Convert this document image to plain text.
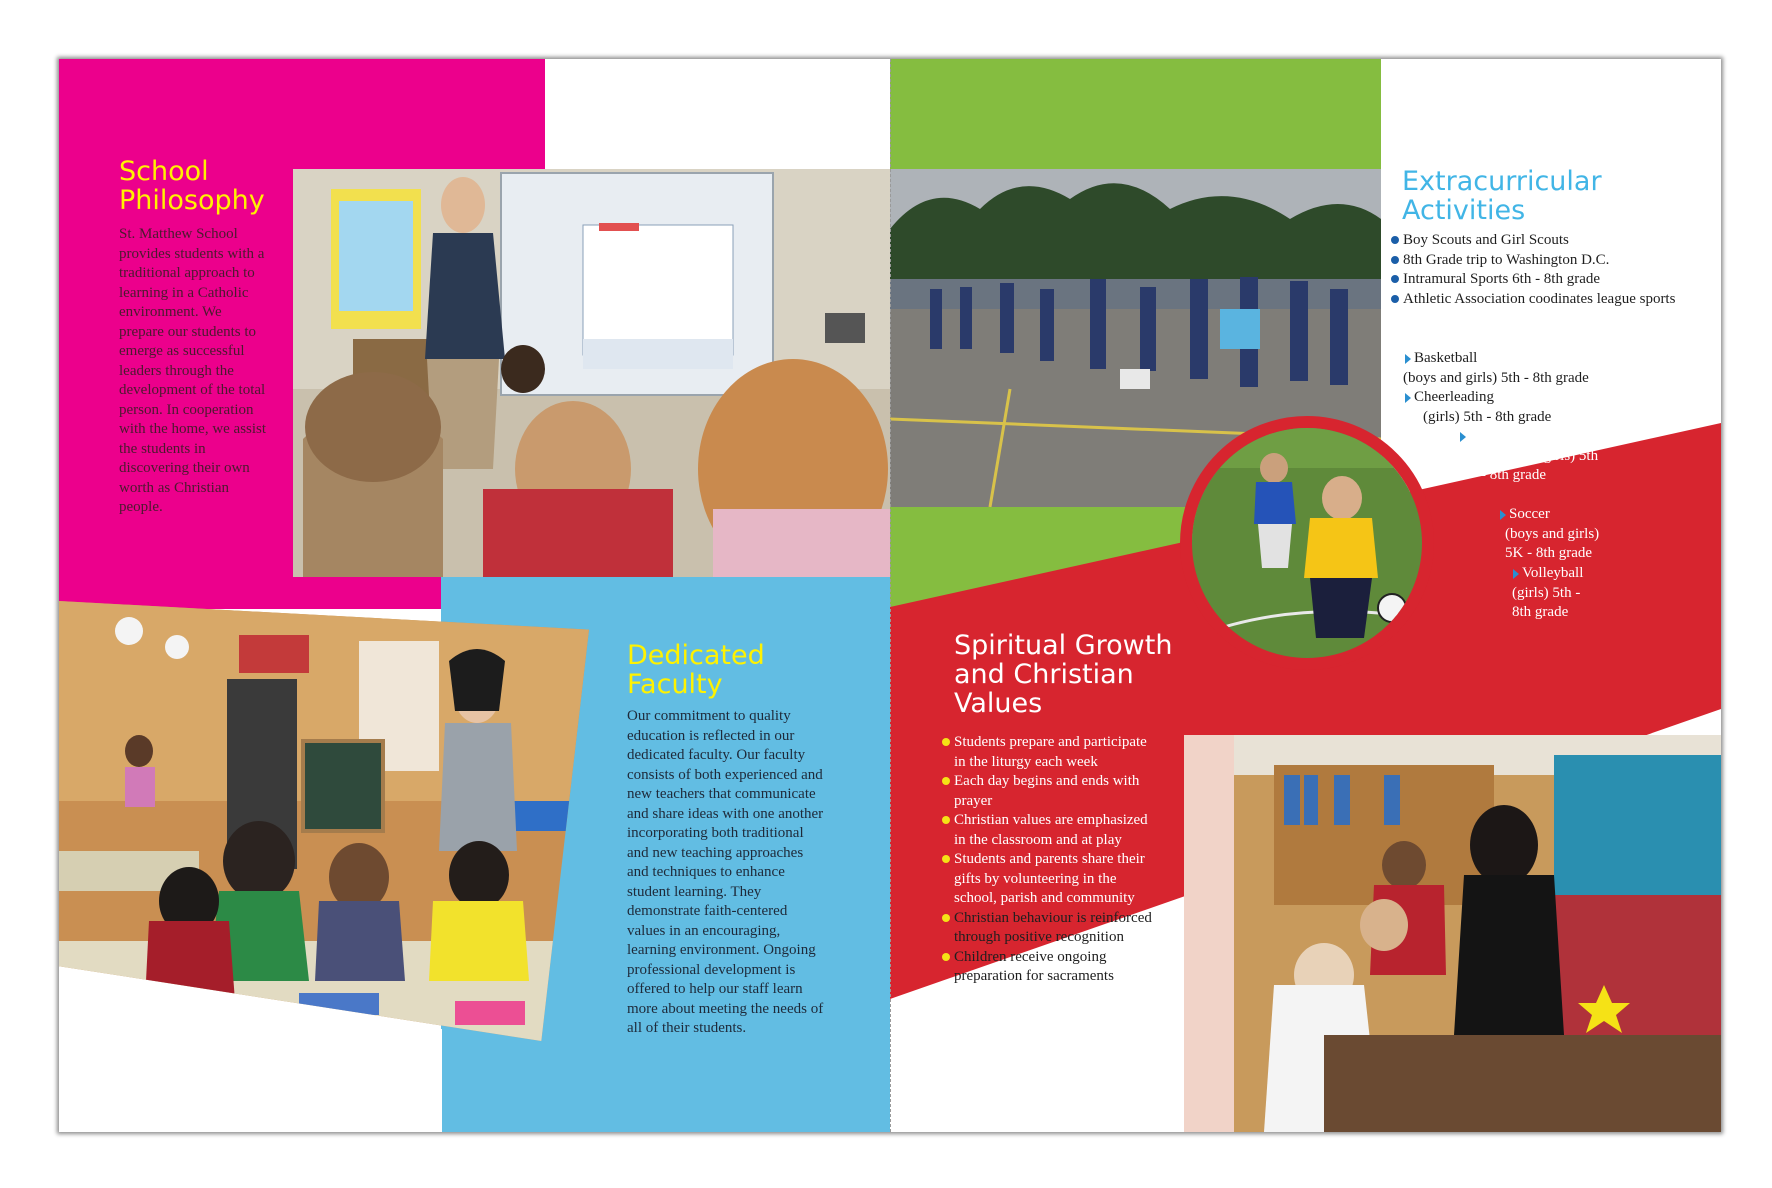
School Philosophy

St. Matthew School provides students with a traditional approach to learning in a Catholic environment. We prepare our students to emerge as successful leaders through the development of the total person. In cooperation with the home, we assist the students in discovering their own worth as Christian people.

Dedicated Faculty

Our commitment to quality education is reflected in our dedicated faculty. Our faculty consists of both experienced and new teachers that communicate and share ideas with one another incorporating both traditional and new teaching approaches and techniques to enhance student learning. They demonstrate faith-centered values in an encouraging, learning environment. Ongoing professional development is offered to help our staff learn more about meeting the needs of all of their students.

Extracurricular Activities
Boy Scouts and Girl Scouts
8th Grade trip to Washington D.C.
Intramural Sports 6th - 8th grade
Athletic Association coodinates league sports
Basketball
(boys and girls) 5th - 8th grade
Cheerleading
(girls) 5th - 8th grade
Cross country
(boys and girls) 5th - 8th grade
Soccer
(boys and girls) 5K - 8th grade
Volleyball
(girls) 5th - 8th grade
Spiritual Growth and Christian Values
Students prepare and participate in the liturgy each week
Each day begins and ends with prayer
Christian values are emphasized in the classroom and at play
Students and parents share their gifts by volunteering in the school, parish and community
Christian behaviour is reinforced through positive recognition
Children receive ongoing preparation for sacraments
